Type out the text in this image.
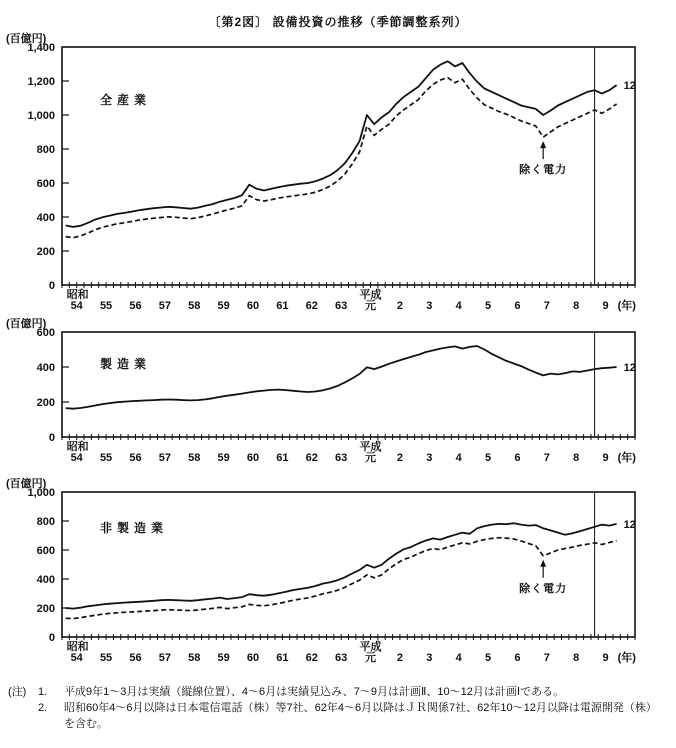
〔第2図〕 設備投資の推移（季節調整系列）
(百億円)
0
200
400
600
800
1,000
1,200
1,400
54
昭和
55 56 57 58 59 60 61 62 63 元
平成
2 3 4 5 6 7 8 9 (年)
全産業
除く電力
12
(百億円)
0
200
400
600
54
昭和
55 56 57 58 59 60 61 62 63 元
平成
2 3 4 5 6 7 8 9 (年)
製造業	12
(百億円)
0
200
400
600
800
1,000
54
昭和
55 56 57 58 59 60 61 62 63 元
平成
2 3 4 5 6 7 8 9 (年)
非製造業
除く電力
12
(注)	1.	平成9年1～3月は実績（縦線位置）、4～6月は実績見込み、7～9月は計画Ⅱ、10～12月は計画Ⅰである。
2.	昭和60年4～6月以降は日本電信電話（株）等7社、62年4～6月以降はＪＲ関係7社、62年10～12月以降は電源開発（株）を含む。
